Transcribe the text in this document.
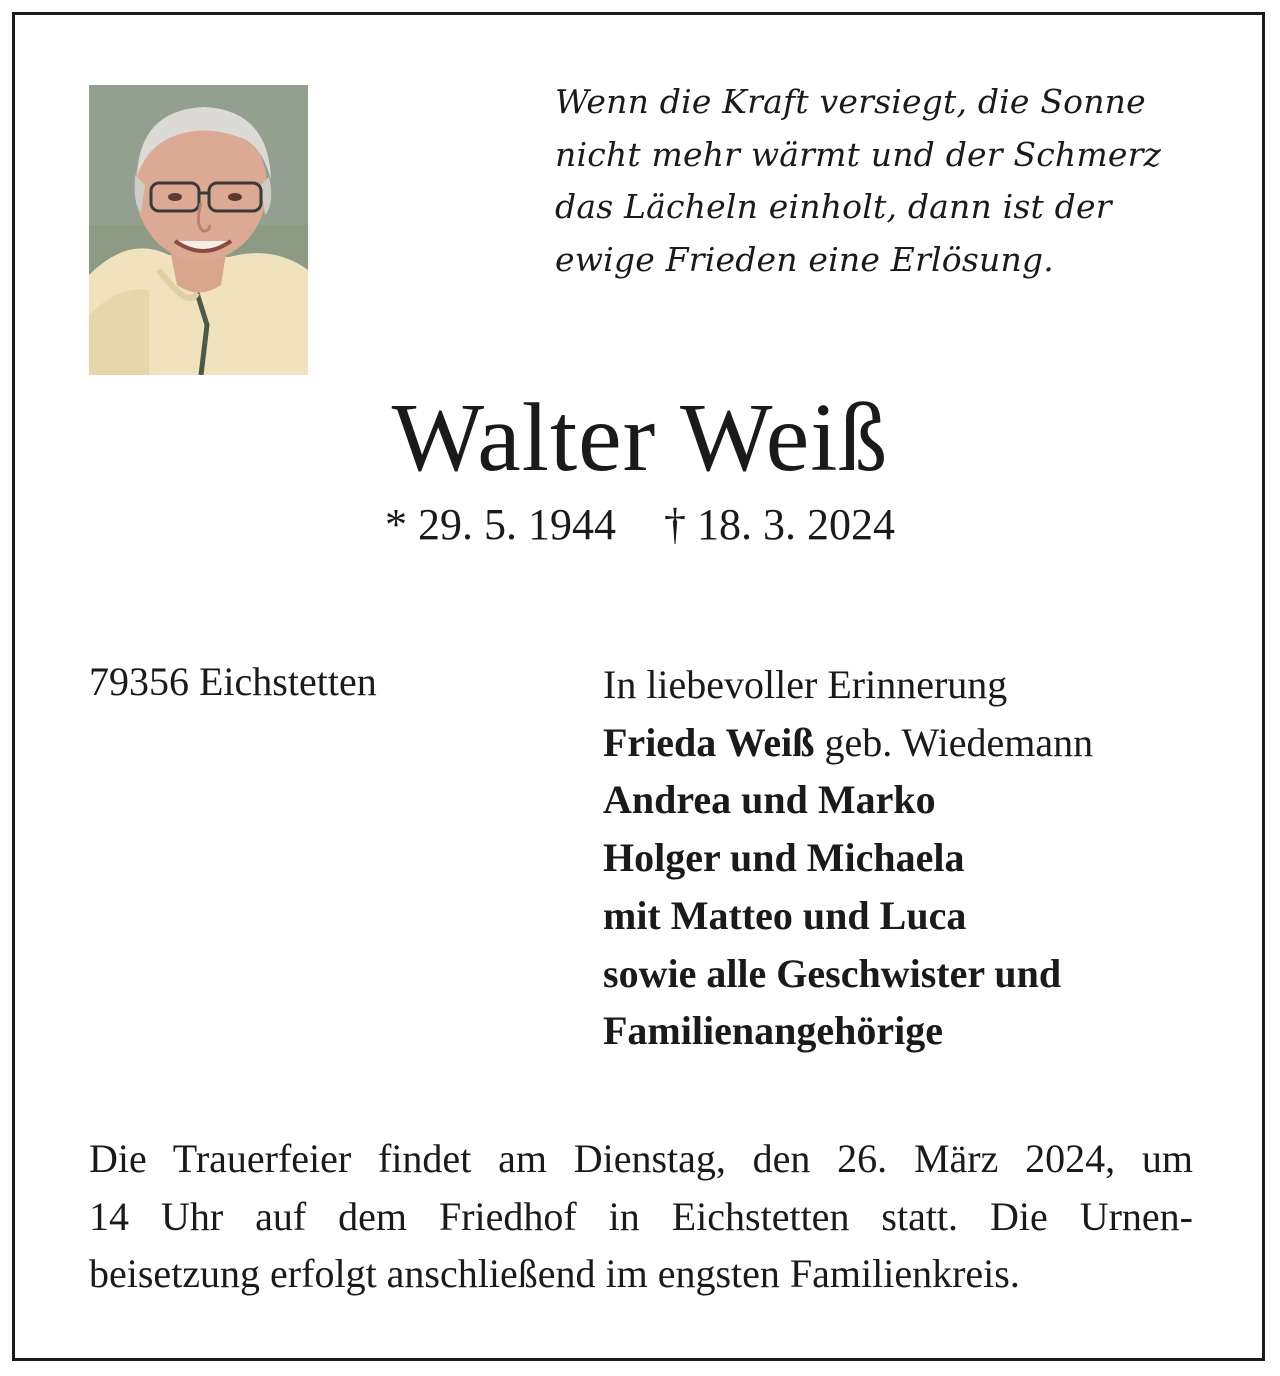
Wenn die Kraft versiegt, die Sonne
nicht mehr wärmt und der Schmerz
das Lächeln einholt, dann ist der
ewige Frieden eine Erlösung.
Walter Weiß
* 29. 5. 1944 † 18. 3. 2024
79356 Eichstetten	In liebevoller Erinnerung
Frieda Weiß geb. Wiedemann
Andrea und Marko
Holger und Michaela
mit Matteo und Luca
sowie alle Geschwister und
Familienangehörige
Die Trauerfeier findet am Dienstag, den 26. März 2024, um
14 Uhr auf dem Friedhof in Eichstetten statt. Die Urnen-
beisetzung erfolgt anschließend im engsten Familienkreis.
